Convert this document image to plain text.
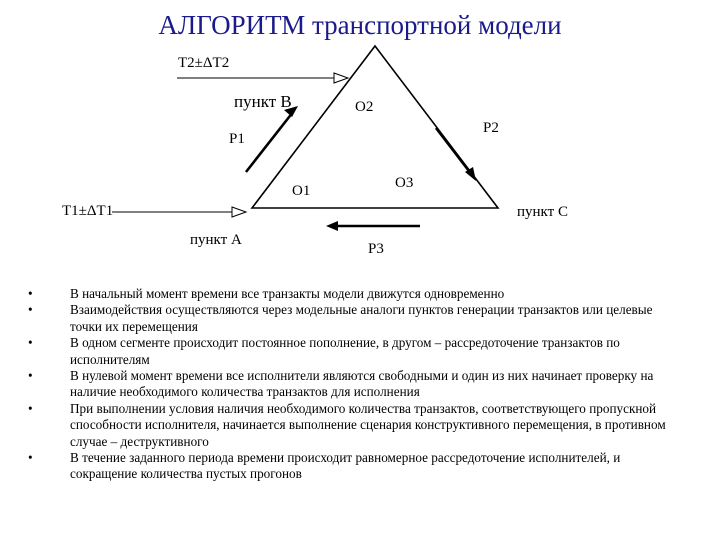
АЛГОРИТМ транспортной модели
T2±ΔT2
пункт B	O2
P2
P1
O3
O1
T1±ΔT1	пункт C
пункт A
P3
•	В начальный момент времени все транзакты модели движутся одновременно
•	Взаимодействия осуществляются через модельные аналоги пунктов генерации транзактов или целевые точки их перемещения
•	В одном сегменте происходит постоянное пополнение, в другом – рассредоточение транзактов по исполнителям
•	В нулевой момент времени все исполнители являются свободными и один из них начинает проверку на наличие необходимого количества транзактов для исполнения
•	При выполнении условия наличия необходимого количества транзактов, соответствующего пропускной способности исполнителя, начинается выполнение сценария конструктивного перемещения, в противном случае – деструктивного
•	В течение заданного периода времени происходит равномерное рассредоточение исполнителей, и сокращение количества пустых прогонов
